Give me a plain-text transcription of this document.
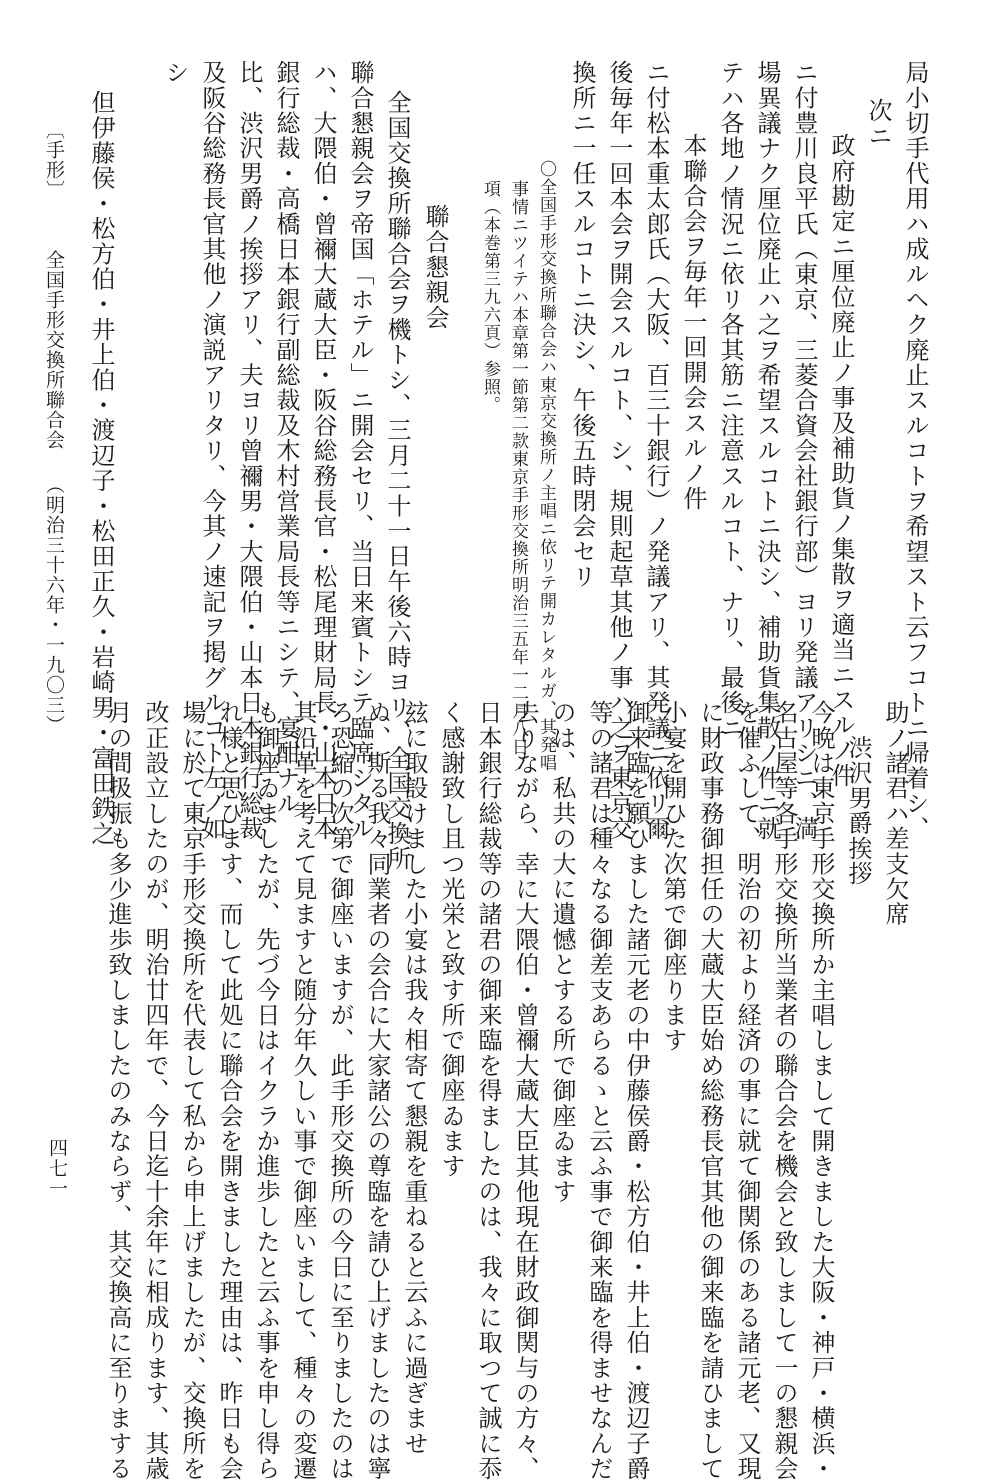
局小切手代用ハ成ルヘク廃止スルコトヲ希望スト云フコトニ帰着シ、
次ニ
政府勘定ニ厘位廃止ノ事及補助貨ノ集散ヲ適当ニスルノ件
ニ付豊川良平氏（東京、三菱合資会社銀行部）ヨリ発議アリシニ、満
場異議ナク厘位廃止ハ之ヲ希望スルコトニ決シ、補助貨集散ノ件ニ就
テハ各地ノ情況ニ依リ各其筋ニ注意スルコト、ナリ、最後ニ
本聯合会ヲ毎年一回開会スルノ件
ニ付松本重太郎氏（大阪、百三十銀行）ノ発議アリ、其発議ニ依リ爾
後毎年一回本会ヲ開会スルコト、シ、規則起草其他ノ事ハ之ヲ東京交
換所ニ一任スルコトニ決シ、午後五時閉会セリ
〇全国手形交換所聯合会ハ東京交換所ノ主唱ニ依リテ開カレタルガ、其発唱
事情ニツイテハ本章第一節第二款東京手形交換所明治三五年一二月八日ノ
項（本巻第三九六頁）参照。
聯合懇親会
全国交換所聯合会ヲ機トシ、三月二十一日午後六時ヨリ、全国交換所
聯合懇親会ヲ帝国「ホテル」ニ開会セリ、当日来賓トシテ臨席シタル
ハ、大隈伯・曾禰大蔵大臣・阪谷総務長官・松尾理財局長・山本日本
銀行総裁・高橋日本銀行副総裁及木村営業局長等ニシテ、宴酣ナル
比、渋沢男爵ノ挨拶アリ、夫ヨリ曾禰男・大隈伯・山本日本銀行総裁
及阪谷総務長官其他ノ演説アリタリ、今其ノ速記ヲ掲グルコト左ノ如
シ
但伊藤侯・松方伯・井上伯・渡辺子・松田正久・岩崎男・富田鉄之	助ノ諸君ハ差支欠席
渋沢男爵挨拶
今晩は東京手形交換所か主唱しまして開きました大阪・神戸・横浜・
名古屋等各手形交換所当業者の聯合会を機会と致しまして一の懇親会
を催ふして、明治の初より経済の事に就て御関係のある諸元老、又現
に財政事務御担任の大蔵大臣始め総務長官其他の御来臨を請ひまして
小宴を開ひた次第で御座ります
御来臨を願ひました諸元老の中伊藤侯爵・松方伯・井上伯・渡辺子爵
等の諸君は種々なる御差支あらるゝと云ふ事で御来臨を得ませなんだ
のは、私共の大に遺憾とする所で御座ゐます
去りながら、幸に大隈伯・曾禰大蔵大臣其他現在財政御関与の方々、
日本銀行総裁等の諸君の御来臨を得ましたのは、我々に取つて誠に忝
く感謝致し且つ光栄と致す所で御座ゐます
玆に取設けました小宴は我々相寄て懇親を重ねると云ふに過ぎませ
ぬ、斯る我々同業者の会合に大家諸公の尊臨を請ひ上げましたのは寧
ろ恐縮の次第で御座いますが、此手形交換所の今日に至りましたのは
其沿革を考えて見ますと随分年久しい事で御座いまして、種々の変遷
も御座ゐましたが、先づ今日はイクラか進歩したと云ふ事を申し得ら
れ様と思ひます、而して此処に聯合会を開きました理由は、昨日も会
場に於て東京手形交換所を代表して私から申上げましたが、交換所を
改正設立したのが、明治廿四年で、今日迄十余年に相成ります、其歳
月の間扱振も多少進歩致しましたのみならず、其交換高に至りまする
〔手形〕
全国手形交換所聯合会
（明治三十六年・一九〇三）
四七一
